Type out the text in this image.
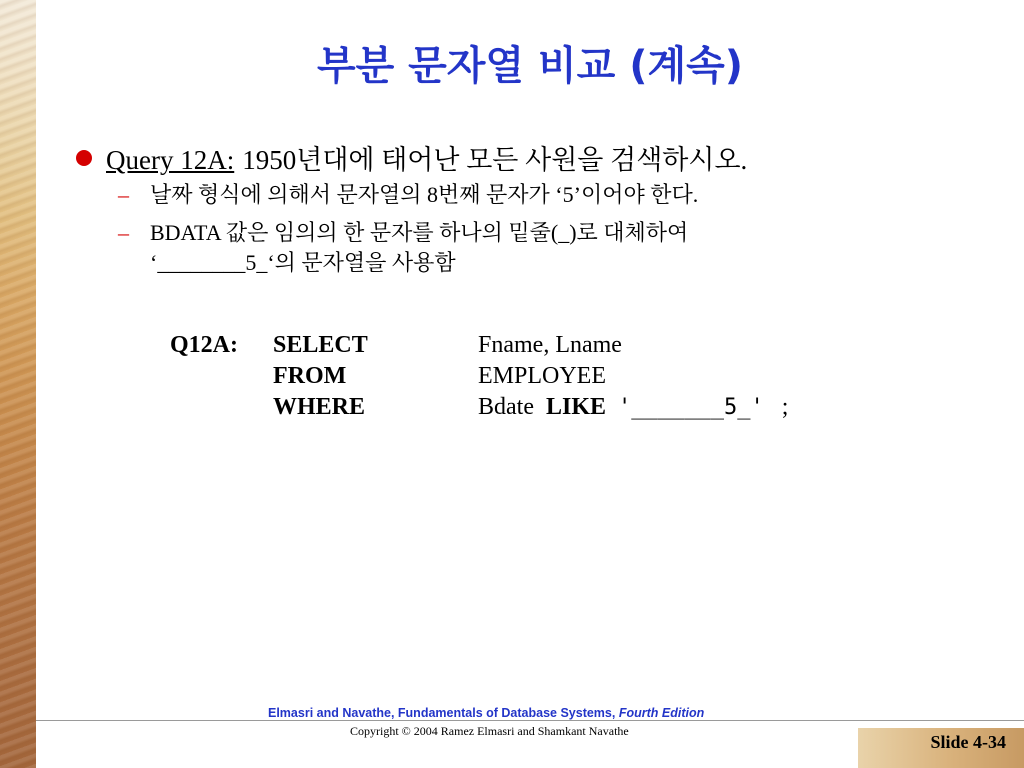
부분 문자열 비교 (계속)
Query 12A: 1950년대에 태어난 모든 사원을 검색하시오.
– 날짜 형식에 의해서 문자열의 8번째 문자가 ‘5’이어야 한다.
– BDATA 값은 임의의 한 문자를 하나의 밑줄(_)로 대체하여
‘________5_‘의 문자열을 사용함
Q12A: SELECT
FROM
WHERE
Fname, Lname
EMPLOYEE
Bdate LIKE '_______5_' ;
Elmasri and Navathe, Fundamentals of Database Systems, Fourth Edition
Copyright © 2004 Ramez Elmasri and Shamkant Navathe
Slide 4-34
